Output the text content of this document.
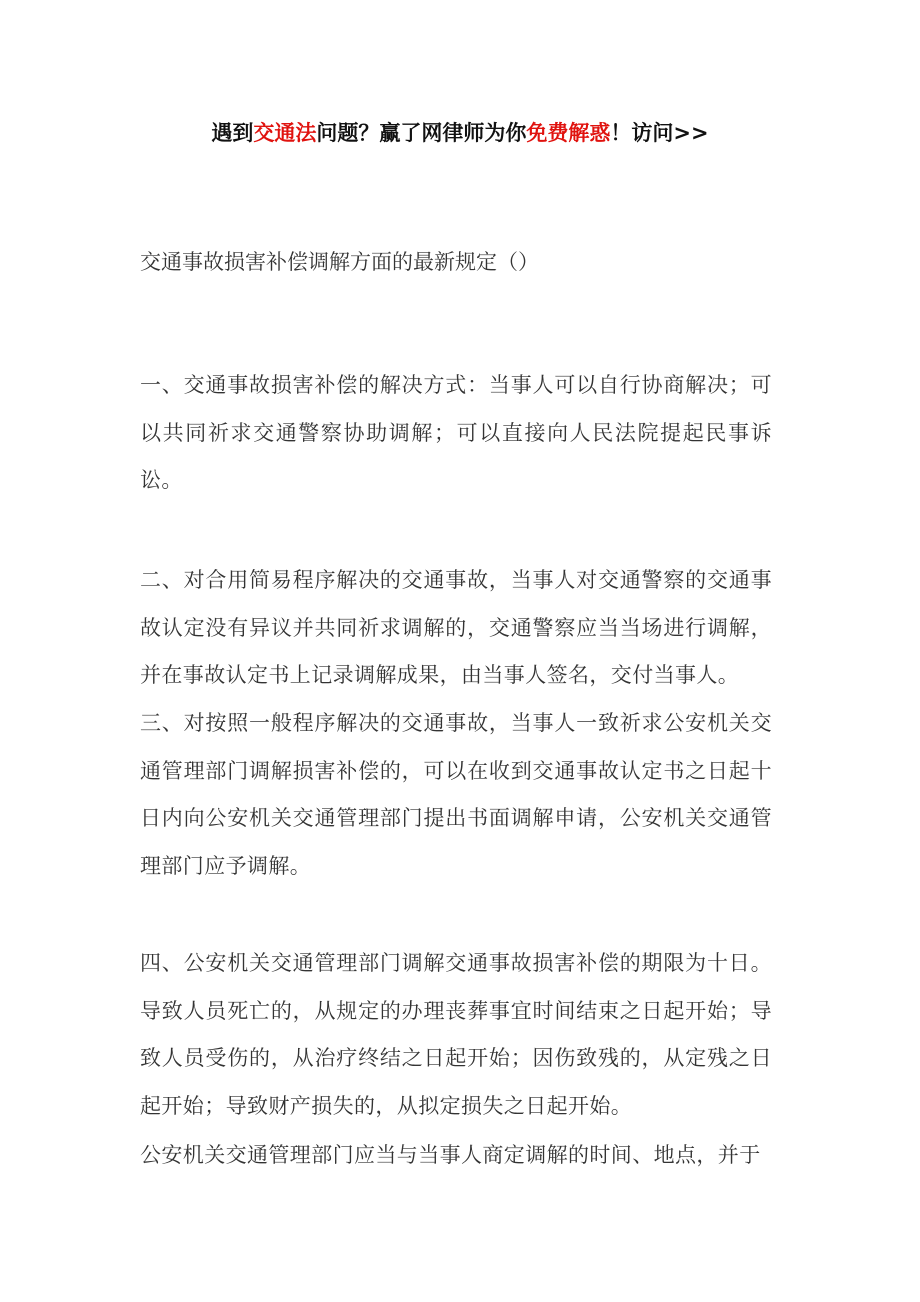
遇到交通法问题？赢了网律师为你免费解惑！访问>>
交通事故损害补偿调解方面的最新规定（）

一、交通事故损害补偿的解决方式：当事人可以自行协商解决；可以共同祈求交通警察协助调解；可以直接向人民法院提起民事诉讼。

二、对合用简易程序解决的交通事故，当事人对交通警察的交通事故认定没有异议并共同祈求调解的，交通警察应当当场进行调解，并在事故认定书上记录调解成果，由当事人签名，交付当事人。

三、对按照一般程序解决的交通事故，当事人一致祈求公安机关交通管理部门调解损害补偿的，可以在收到交通事故认定书之日起十日内向公安机关交通管理部门提出书面调解申请，公安机关交通管理部门应予调解。

四、公安机关交通管理部门调解交通事故损害补偿的期限为十日。导致人员死亡的，从规定的办理丧葬事宜时间结束之日起开始；导致人员受伤的，从治疗终结之日起开始；因伤致残的，从定残之日起开始；导致财产损失的，从拟定损失之日起开始。

公安机关交通管理部门应当与当事人商定调解的时间、地点，并于
